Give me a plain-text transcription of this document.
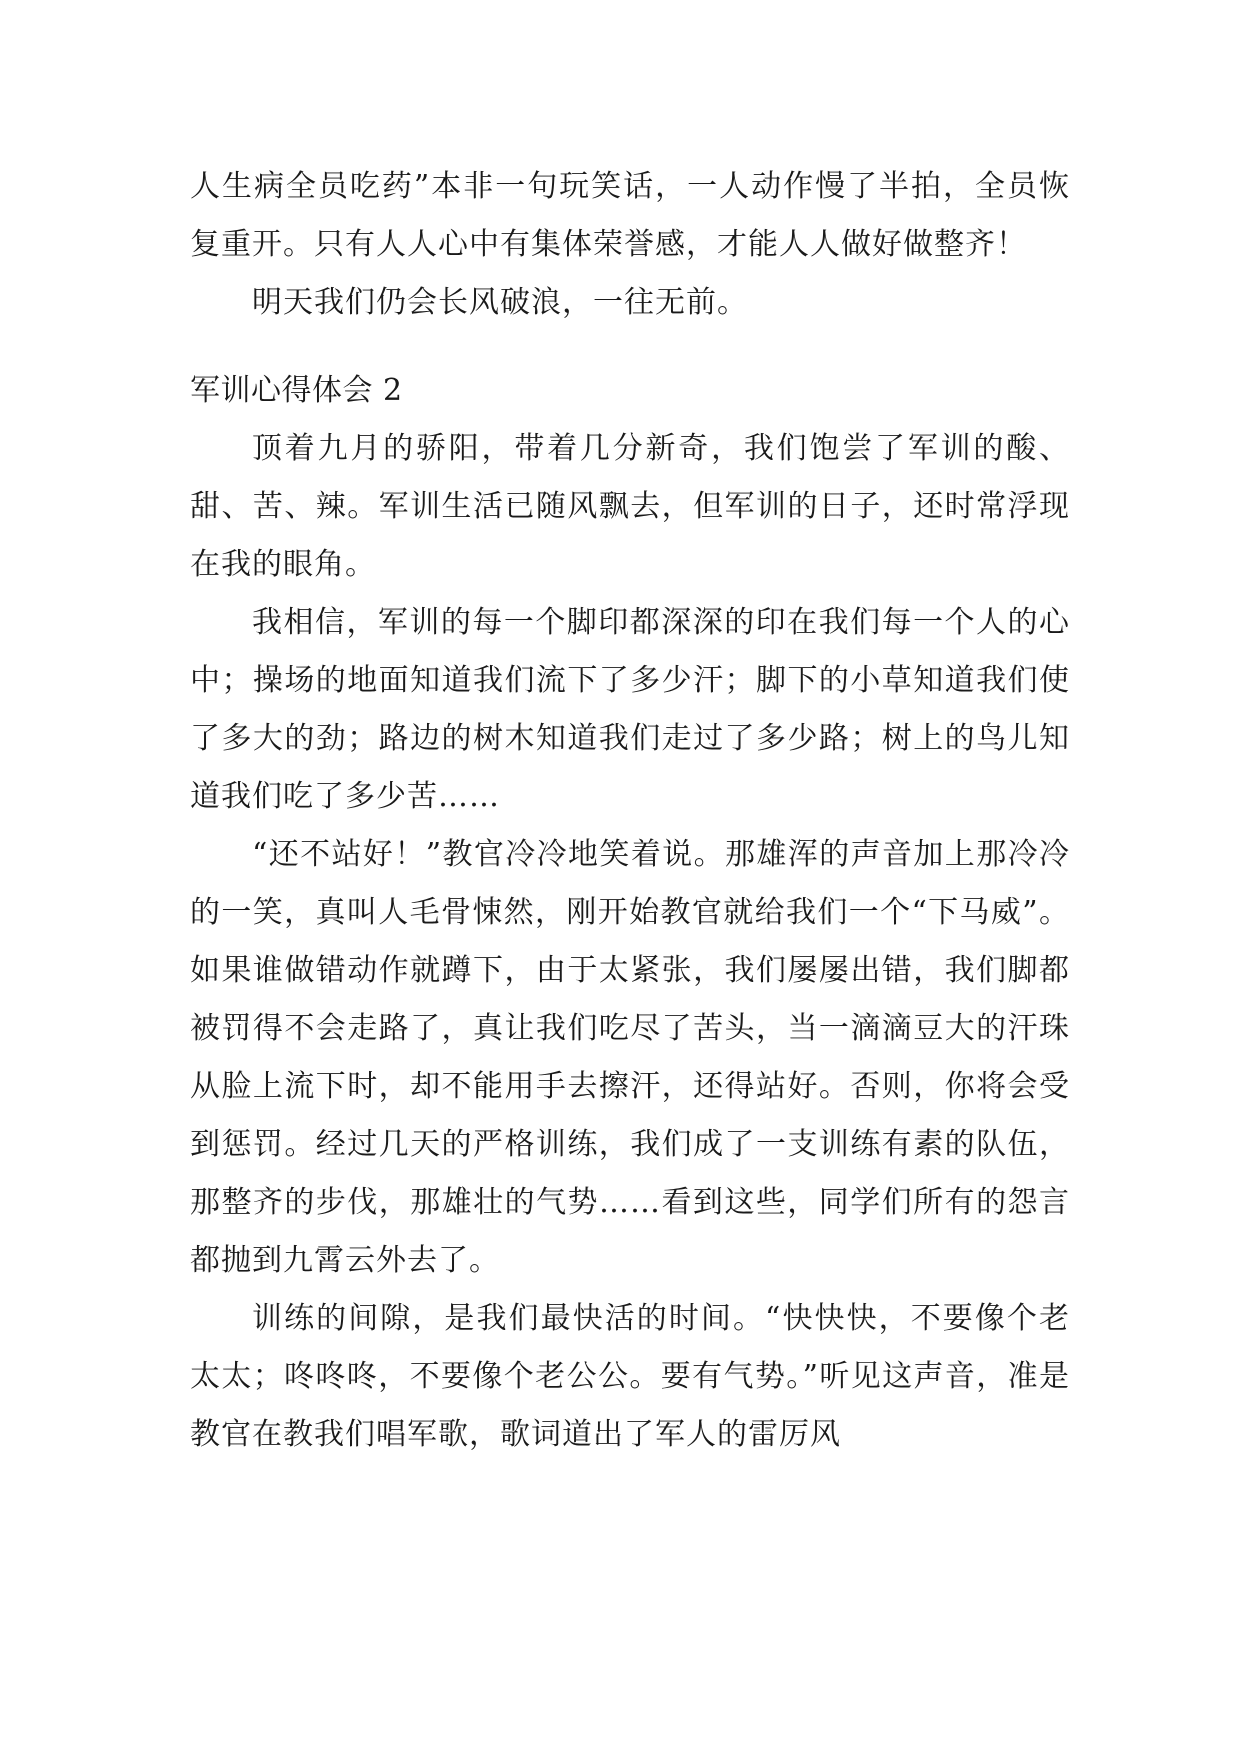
人生病全员吃药”本非一句玩笑话，一人动作慢了半拍，全员恢复重开。只有人人心中有集体荣誉感，才能人人做好做整齐！

明天我们仍会长风破浪，一往无前。

军训心得体会 2

顶着九月的骄阳，带着几分新奇，我们饱尝了军训的酸、甜、苦、辣。军训生活已随风飘去，但军训的日子，还时常浮现在我的眼角。

我相信，军训的每一个脚印都深深的印在我们每一个人的心中；操场的地面知道我们流下了多少汗；脚下的小草知道我们使了多大的劲；路边的树木知道我们走过了多少路；树上的鸟儿知道我们吃了多少苦……

“还不站好！”教官冷冷地笑着说。那雄浑的声音加上那冷冷的一笑，真叫人毛骨悚然，刚开始教官就给我们一个“下马威”。如果谁做错动作就蹲下，由于太紧张，我们屡屡出错，我们脚都被罚得不会走路了，真让我们吃尽了苦头，当一滴滴豆大的汗珠从脸上流下时，却不能用手去擦汗，还得站好。否则，你将会受到惩罚。经过几天的严格训练，我们成了一支训练有素的队伍，那整齐的步伐，那雄壮的气势……看到这些，同学们所有的怨言都抛到九霄云外去了。

训练的间隙，是我们最快活的时间。“快快快，不要像个老太太；咚咚咚，不要像个老公公。要有气势。”听见这声音，准是教官在教我们唱军歌，歌词道出了军人的雷厉风
